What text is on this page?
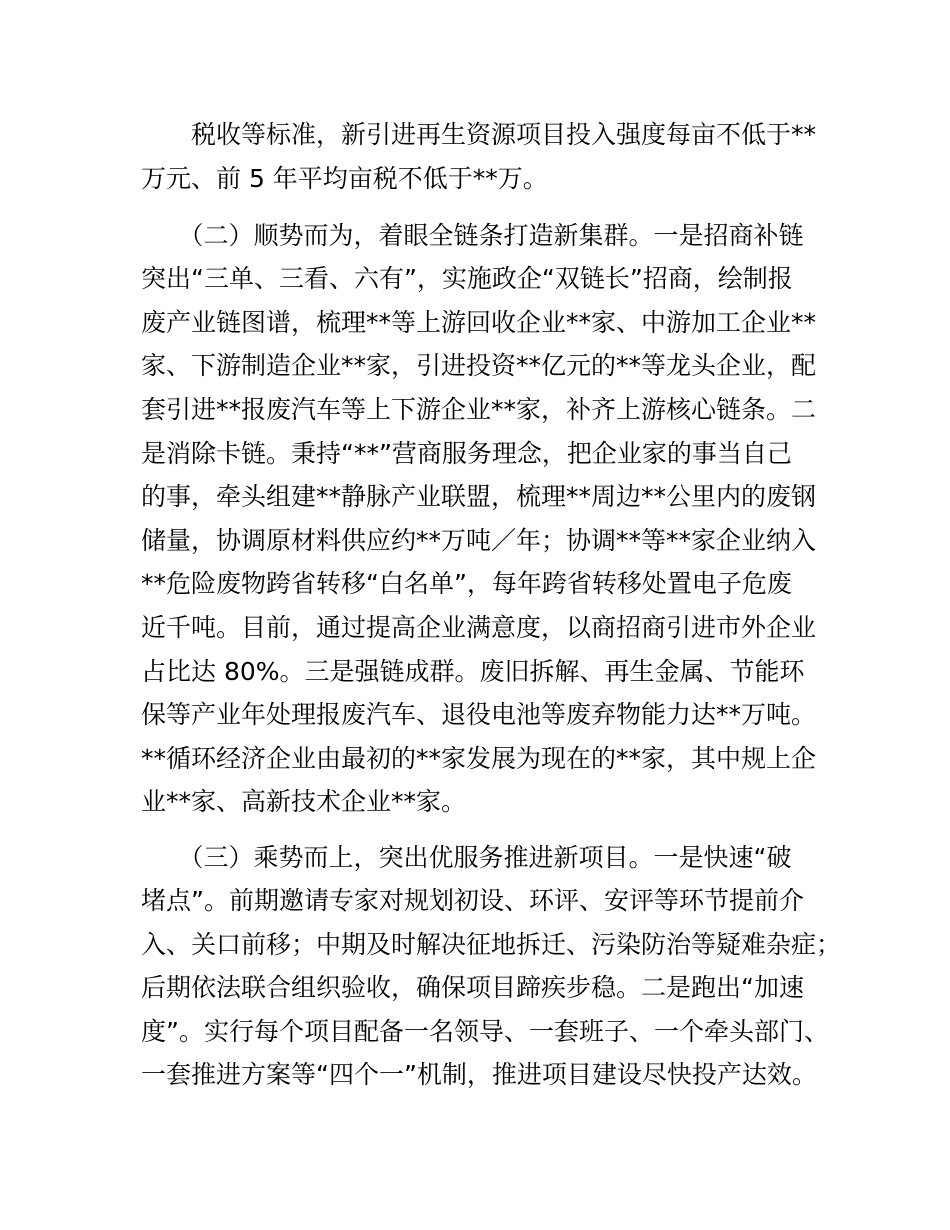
　　税收等标准，新引进再生资源项目投入强度每亩不低于**
万元、前 5 年平均亩税不低于**万。
　　（二）顺势而为，着眼全链条打造新集群。一是招商补链
突出“三单、三看、六有”，实施政企“双链长”招商，绘制报
废产业链图谱，梳理**等上游回收企业**家、中游加工企业**
家、下游制造企业**家，引进投资**亿元的**等龙头企业，配
套引进**报废汽车等上下游企业**家，补齐上游核心链条。二
是消除卡链。秉持“**”营商服务理念，把企业家的事当自己
的事，牵头组建**静脉产业联盟，梳理**周边**公里内的废钢
储量，协调原材料供应约**万吨／年；协调**等**家企业纳入
**危险废物跨省转移“白名单”，每年跨省转移处置电子危废
近千吨。目前，通过提高企业满意度，以商招商引进市外企业
占比达 80%。三是强链成群。废旧拆解、再生金属、节能环
保等产业年处理报废汽车、退役电池等废弃物能力达**万吨。
**循环经济企业由最初的**家发展为现在的**家，其中规上企
业**家、高新技术企业**家。
　　（三）乘势而上，突出优服务推进新项目。一是快速“破
堵点”。前期邀请专家对规划初设、环评、安评等环节提前介
入、关口前移；中期及时解决征地拆迁、污染防治等疑难杂症；
后期依法联合组织验收，确保项目蹄疾步稳。二是跑出“加速
度”。实行每个项目配备一名领导、一套班子、一个牵头部门、
一套推进方案等“四个一”机制，推进项目建设尽快投产达效。
